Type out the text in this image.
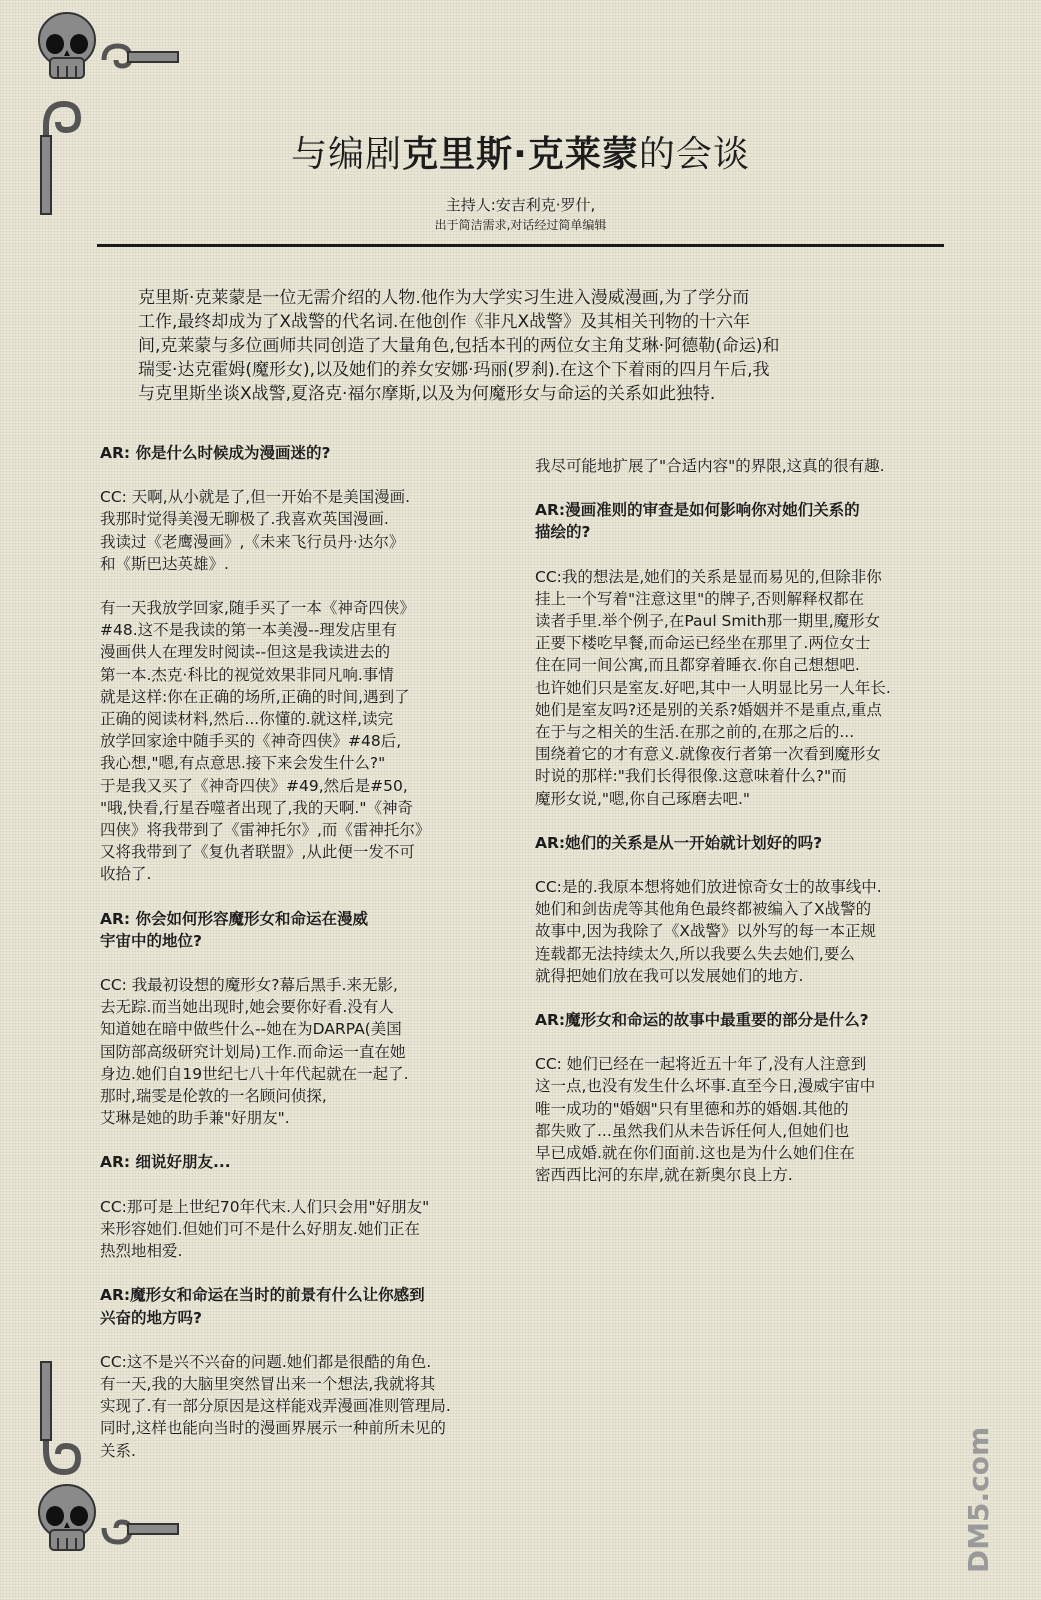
与编剧克里斯·克莱蒙的会谈
主持人:安吉利克·罗什,
出于简洁需求,对话经过简单编辑
克里斯·克莱蒙是一位无需介绍的人物.他作为大学实习生进入漫威漫画,为了学分而
工作,最终却成为了X战警的代名词.在他创作《非凡X战警》及其相关刊物的十六年
间,克莱蒙与多位画师共同创造了大量角色,包括本刊的两位女主角艾琳·阿德勒(命运)和
瑞雯·达克霍姆(魔形女),以及她们的养女安娜·玛丽(罗刹).在这个下着雨的四月午后,我
与克里斯坐谈X战警,夏洛克·福尔摩斯,以及为何魔形女与命运的关系如此独特.

AR: 你是什么时候成为漫画迷的?

CC: 天啊,从小就是了,但一开始不是美国漫画.
我那时觉得美漫无聊极了.我喜欢英国漫画.
我读过《老鹰漫画》,《未来飞行员丹·达尔》
和《斯巴达英雄》.

有一天我放学回家,随手买了一本《神奇四侠》
#48.这不是我读的第一本美漫--理发店里有
漫画供人在理发时阅读--但这是我读进去的
第一本.杰克·科比的视觉效果非同凡响.事情
就是这样:你在正确的场所,正确的时间,遇到了
正确的阅读材料,然后...你懂的.就这样,读完
放学回家途中随手买的《神奇四侠》#48后,
我心想,"嗯,有点意思.接下来会发生什么?"
于是我又买了《神奇四侠》#49,然后是#50,
"哦,快看,行星吞噬者出现了,我的天啊."《神奇
四侠》将我带到了《雷神托尔》,而《雷神托尔》
又将我带到了《复仇者联盟》,从此便一发不可
收拾了.

AR: 你会如何形容魔形女和命运在漫威
宇宙中的地位?

CC: 我最初设想的魔形女?幕后黑手.来无影,
去无踪.而当她出现时,她会要你好看.没有人
知道她在暗中做些什么--她在为DARPA(美国
国防部高级研究计划局)工作.而命运一直在她
身边.她们自19世纪七八十年代起就在一起了.
那时,瑞雯是伦敦的一名顾问侦探,
艾琳是她的助手兼"好朋友".

AR: 细说好朋友...

CC:那可是上世纪70年代末.人们只会用"好朋友"
来形容她们.但她们可不是什么好朋友.她们正在
热烈地相爱.

AR:魔形女和命运在当时的前景有什么让你感到
兴奋的地方吗?

CC:这不是兴不兴奋的问题.她们都是很酷的角色.
有一天,我的大脑里突然冒出来一个想法,我就将其
实现了.有一部分原因是这样能戏弄漫画准则管理局.
同时,这样也能向当时的漫画界展示一种前所未见的
关系.

我尽可能地扩展了"合适内容"的界限,这真的很有趣.

AR:漫画准则的审查是如何影响你对她们关系的
描绘的?

CC:我的想法是,她们的关系是显而易见的,但除非你
挂上一个写着"注意这里"的牌子,否则解释权都在
读者手里.举个例子,在Paul Smith那一期里,魔形女
正要下楼吃早餐,而命运已经坐在那里了.两位女士
住在同一间公寓,而且都穿着睡衣.你自己想想吧.
也许她们只是室友.好吧,其中一人明显比另一人年长.
她们是室友吗?还是别的关系?婚姻并不是重点,重点
在于与之相关的生活.在那之前的,在那之后的...
围绕着它的才有意义.就像夜行者第一次看到魔形女
时说的那样:"我们长得很像.这意味着什么?"而
魔形女说,"嗯,你自己琢磨去吧."

AR:她们的关系是从一开始就计划好的吗?

CC:是的.我原本想将她们放进惊奇女士的故事线中.
她们和剑齿虎等其他角色最终都被编入了X战警的
故事中,因为我除了《X战警》以外写的每一本正规
连载都无法持续太久,所以我要么失去她们,要么
就得把她们放在我可以发展她们的地方.

AR:魔形女和命运的故事中最重要的部分是什么?

CC: 她们已经在一起将近五十年了,没有人注意到
这一点,也没有发生什么坏事.直至今日,漫威宇宙中
唯一成功的"婚姻"只有里德和苏的婚姻.其他的
都失败了...虽然我们从未告诉任何人,但她们也
早已成婚.就在你们面前.这也是为什么她们住在
密西西比河的东岸,就在新奥尔良上方.

DM5.com
